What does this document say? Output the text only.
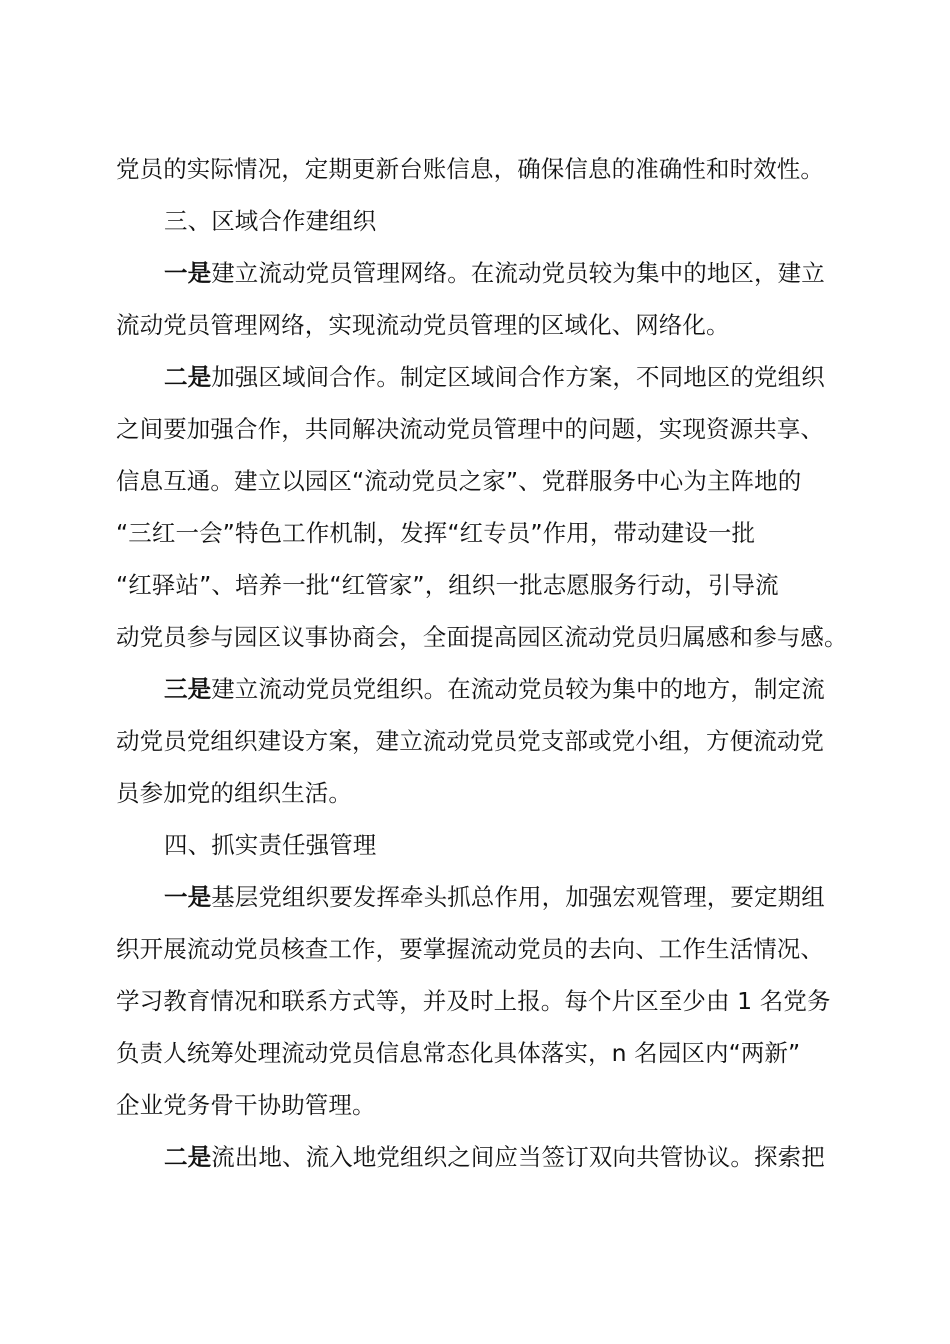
党员的实际情况，定期更新台账信息，确保信息的准确性和时效性。
三、区域合作建组织
一是建立流动党员管理网络。在流动党员较为集中的地区，建立
流动党员管理网络，实现流动党员管理的区域化、网络化。
二是加强区域间合作。制定区域间合作方案，不同地区的党组织
之间要加强合作，共同解决流动党员管理中的问题，实现资源共享、
信息互通。建立以园区“流动党员之家”、党群服务中心为主阵地的
“三红一会”特色工作机制，发挥“红专员”作用，带动建设一批
“红驿站”、培养一批“红管家”，组织一批志愿服务行动，引导流
动党员参与园区议事协商会，全面提高园区流动党员归属感和参与感。
三是建立流动党员党组织。在流动党员较为集中的地方，制定流
动党员党组织建设方案，建立流动党员党支部或党小组，方便流动党
员参加党的组织生活。
四、抓实责任强管理
一是基层党组织要发挥牵头抓总作用，加强宏观管理，要定期组
织开展流动党员核查工作，要掌握流动党员的去向、工作生活情况、
学习教育情况和联系方式等，并及时上报。每个片区至少由 1 名党务
负责人统筹处理流动党员信息常态化具体落实，n 名园区内“两新”
企业党务骨干协助管理。
二是流出地、流入地党组织之间应当签订双向共管协议。探索把
